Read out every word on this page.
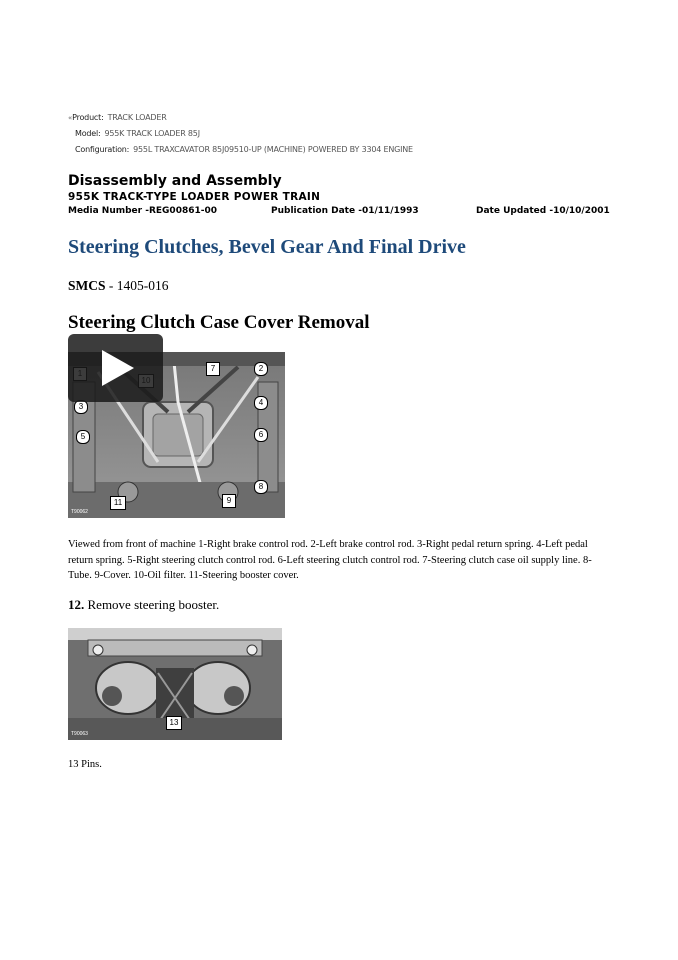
«Product: TRACK LOADER
Model: 955K TRACK LOADER 85J
Configuration: 955L TRAXCAVATOR 85J09510-UP (MACHINE) POWERED BY 3304 ENGINE
Disassembly and Assembly
955K TRACK-TYPE LOADER POWER TRAIN
Media Number -REG00861-00	Publication Date -01/11/1993	Date Updated -10/10/2001
Steering Clutches, Bevel Gear And Final Drive
SMCS - 1405-016
Steering Clutch Case Cover Removal
2
3	4
5	6
7
8
9
11
T90062
Viewed from front of machine 1-Right brake control rod. 2-Left brake control rod. 3-Right pedal return spring. 4-Left pedal return spring. 5-Right steering clutch control rod. 6-Left steering clutch control rod. 7-Steering clutch case oil supply line. 8-Tube. 9-Cover. 10-Oil filter. 11-Steering booster cover.
12. Remove steering booster.
13
T90063
13 Pins.
